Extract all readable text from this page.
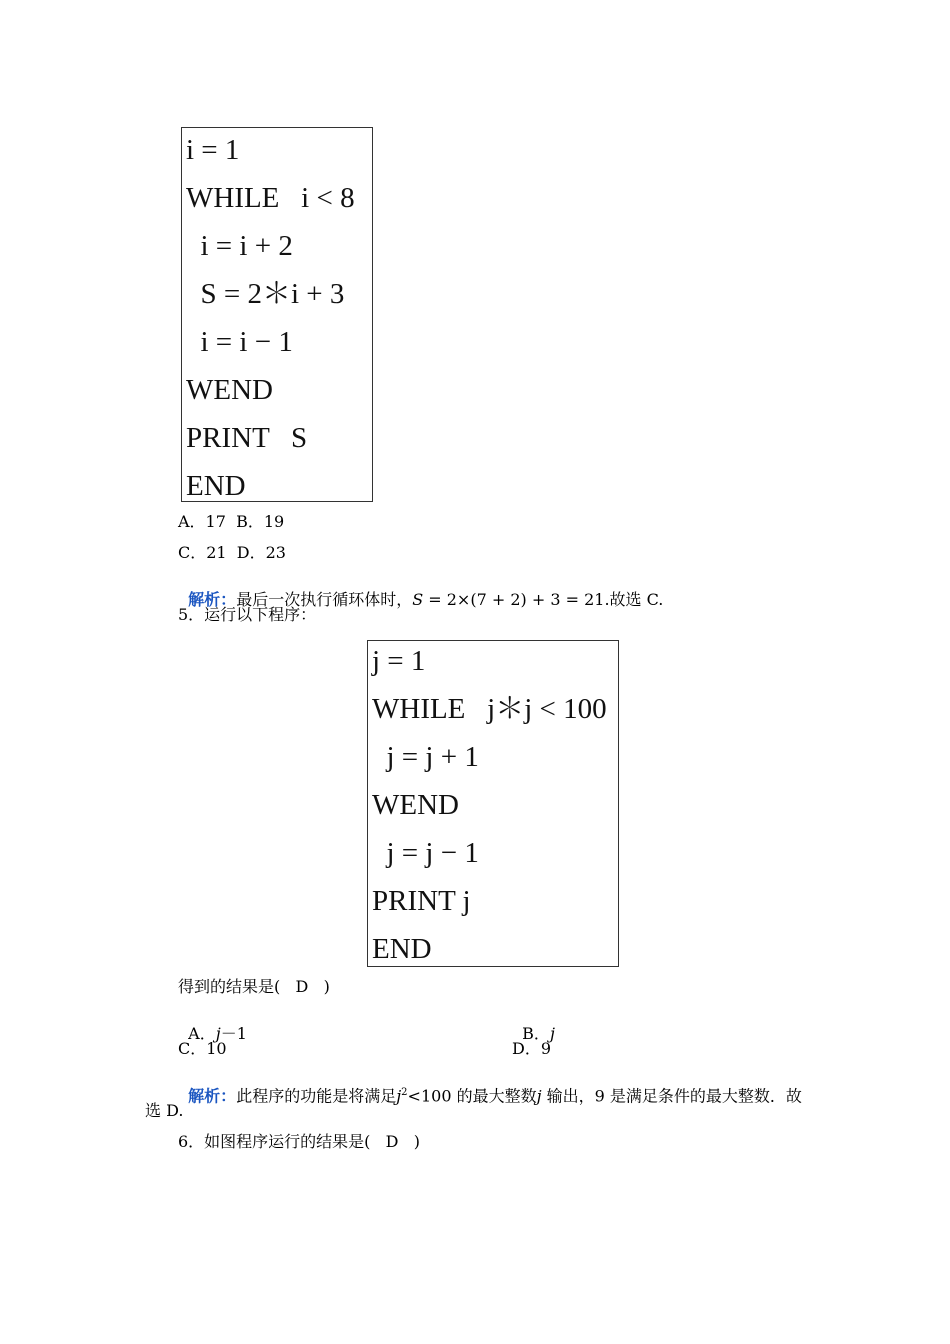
i = 1
WHILE   i < 8
i = i + 2
S = 2＊i + 3
i = i − 1
WEND
PRINT   S
END
A．17  B．19
C．21  D．23

解析：最后一次执行循环体时，S = 2×(7 + 2) + 3 = 21.故选 C.

5．运行以下程序：
j = 1
WHILE   j＊j < 100
j = j + 1
WEND
j = j − 1
PRINT j
END
得到的结果是(   D   )

A．j－1	B．j

C．10	D．9

解析：此程序的功能是将满足$j^2<100$ 的最大整数j 输出，9 是满足条件的最大整数．故

选 D.
6．如图程序运行的结果是(   D   )
